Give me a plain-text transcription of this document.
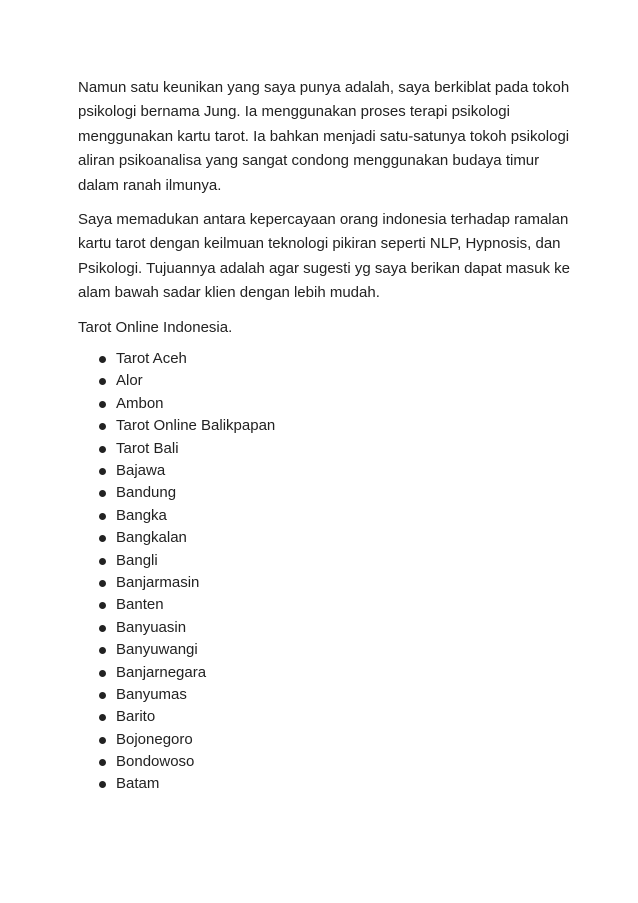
Namun satu keunikan yang saya punya adalah, saya berkiblat pada tokoh psikologi bernama Jung. Ia menggunakan proses terapi psikologi menggunakan kartu tarot. Ia bahkan menjadi satu-satunya tokoh psikologi aliran psikoanalisa yang sangat condong menggunakan budaya timur dalam ranah ilmunya.

Saya memadukan antara kepercayaan orang indonesia terhadap ramalan kartu tarot dengan keilmuan teknologi pikiran seperti NLP, Hypnosis, dan Psikologi. Tujuannya adalah agar sugesti yg saya berikan dapat masuk ke alam bawah sadar klien dengan lebih mudah.

Tarot Online Indonesia.

Tarot Aceh
Alor
Ambon
Tarot Online Balikpapan
Tarot Bali
Bajawa
Bandung
Bangka
Bangkalan
Bangli
Banjarmasin
Banten
Banyuasin
Banyuwangi
Banjarnegara
Banyumas
Barito
Bojonegoro
Bondowoso
Batam
